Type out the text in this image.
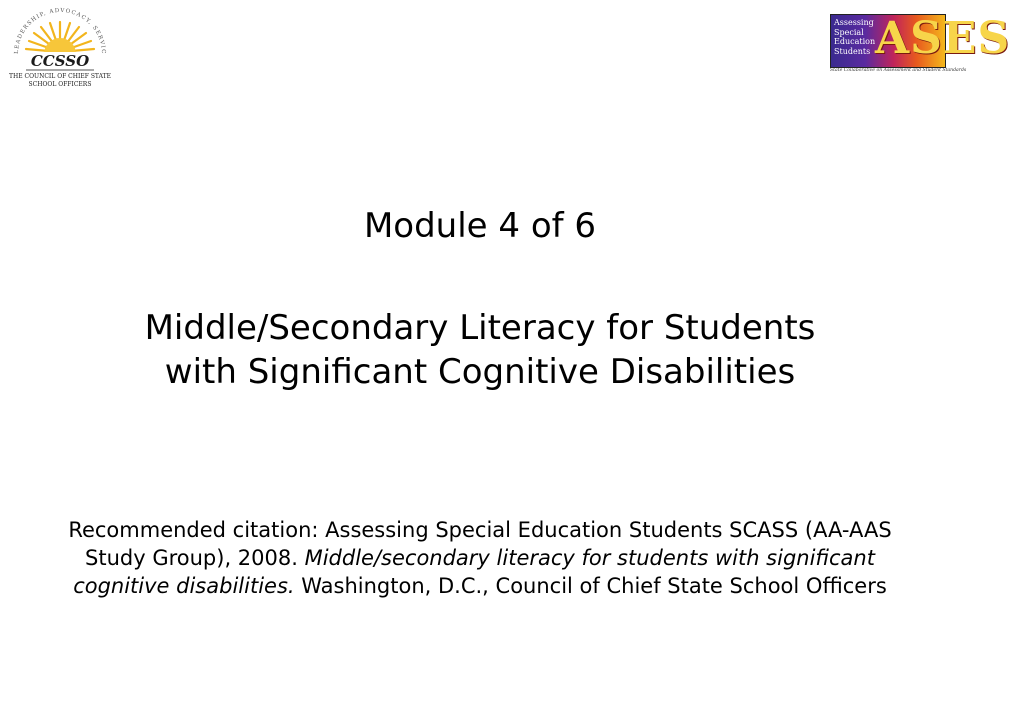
LEADERSHIP, ADVOCACY, SERVIC
CCSSO
THE COUNCIL OF CHIEF STATE
SCHOOL OFFICERS
Assessing
Special
Education
Students ASES
State Collaborative on Assessment and Student Standards
Module 4 of 6
Middle/Secondary Literacy for Students
with Significant Cognitive Disabilities

Recommended citation: Assessing Special Education Students SCASS (AA-AAS Study Group), 2008. Middle/secondary literacy for students with significant cognitive disabilities. Washington, D.C., Council of Chief State School Officers
